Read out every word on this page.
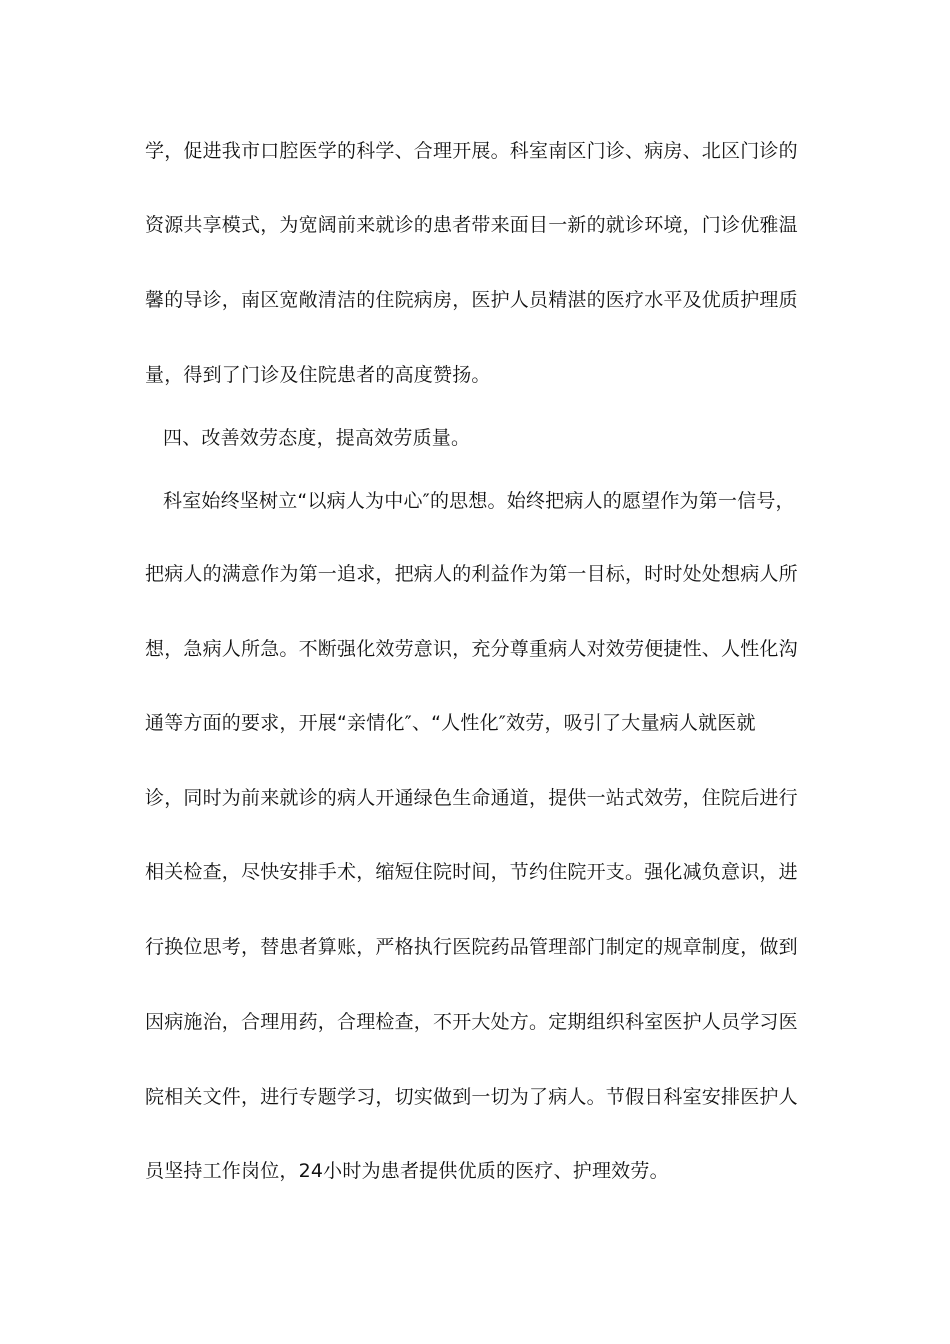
学，促进我市口腔医学的科学、合理开展。科室南区门诊、病房、北区门诊的
资源共享模式，为宽阔前来就诊的患者带来面目一新的就诊环境，门诊优雅温
馨的导诊，南区宽敞清洁的住院病房，医护人员精湛的医疗水平及优质护理质
量，得到了门诊及住院患者的高度赞扬。
四、改善效劳态度，提高效劳质量。
科室始终坚树立“以病人为中心″的思想。始终把病人的愿望作为第一信号，
把病人的满意作为第一追求，把病人的利益作为第一目标，时时处处想病人所
想，急病人所急。不断强化效劳意识，充分尊重病人对效劳便捷性、人性化沟
通等方面的要求，开展“亲情化″、“人性化″效劳，吸引了大量病人就医就
诊，同时为前来就诊的病人开通绿色生命通道，提供一站式效劳，住院后进行
相关检查，尽快安排手术，缩短住院时间，节约住院开支。强化减负意识，进
行换位思考，替患者算账，严格执行医院药品管理部门制定的规章制度，做到
因病施治，合理用药，合理检查，不开大处方。定期组织科室医护人员学习医
院相关文件，进行专题学习，切实做到一切为了病人。节假日科室安排医护人
员坚持工作岗位，24小时为患者提供优质的医疗、护理效劳。
